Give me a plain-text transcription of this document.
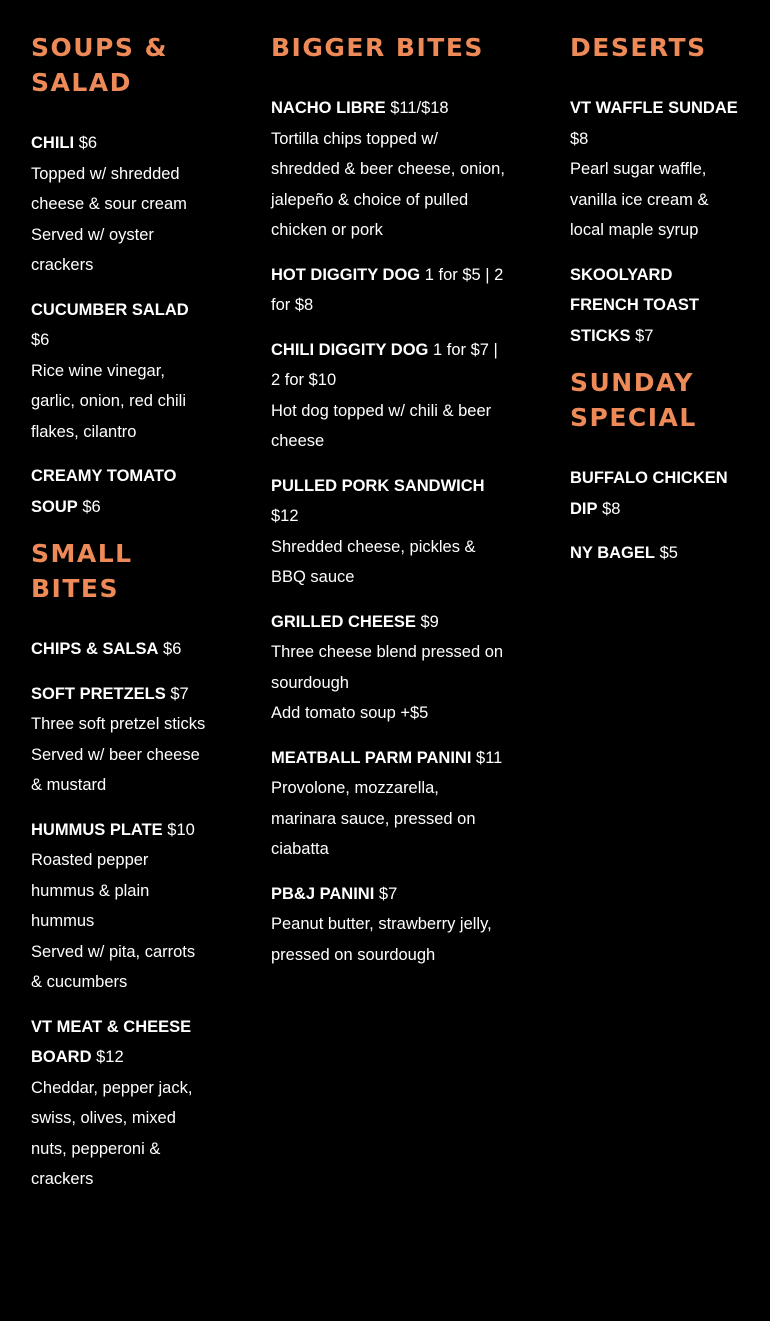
SOUPS & SALAD
CHILI $6
Topped w/ shredded cheese & sour cream
Served w/ oyster crackers
CUCUMBER SALAD $6
Rice wine vinegar, garlic, onion, red chili flakes, cilantro
CREAMY TOMATO SOUP $6
SMALL BITES
CHIPS & SALSA $6
SOFT PRETZELS $7
Three soft pretzel sticks
Served w/ beer cheese & mustard
HUMMUS PLATE $10
Roasted pepper hummus & plain hummus
Served w/ pita, carrots & cucumbers
VT MEAT & CHEESE BOARD $12
Cheddar, pepper jack, swiss, olives, mixed nuts, pepperoni & crackers
BIGGER BITES
NACHO LIBRE $11/$18
Tortilla chips topped w/ shredded & beer cheese, onion, jalepeño & choice of pulled chicken or pork
HOT DIGGITY DOG 1 for $5 | 2 for $8
CHILI DIGGITY DOG 1 for $7 | 2 for $10
Hot dog topped w/ chili & beer cheese
PULLED PORK SANDWICH $12
Shredded cheese, pickles & BBQ sauce
GRILLED CHEESE $9
Three cheese blend pressed on sourdough
Add tomato soup +$5
MEATBALL PARM PANINI $11
Provolone, mozzarella, marinara sauce, pressed on ciabatta
PB&J PANINI $7
Peanut butter, strawberry jelly, pressed on sourdough
DESERTS
VT WAFFLE SUNDAE $8
Pearl sugar waffle, vanilla ice cream & local maple syrup
SKOOLYARD FRENCH TOAST STICKS $7
SUNDAY SPECIAL
BUFFALO CHICKEN DIP $8
NY BAGEL $5
